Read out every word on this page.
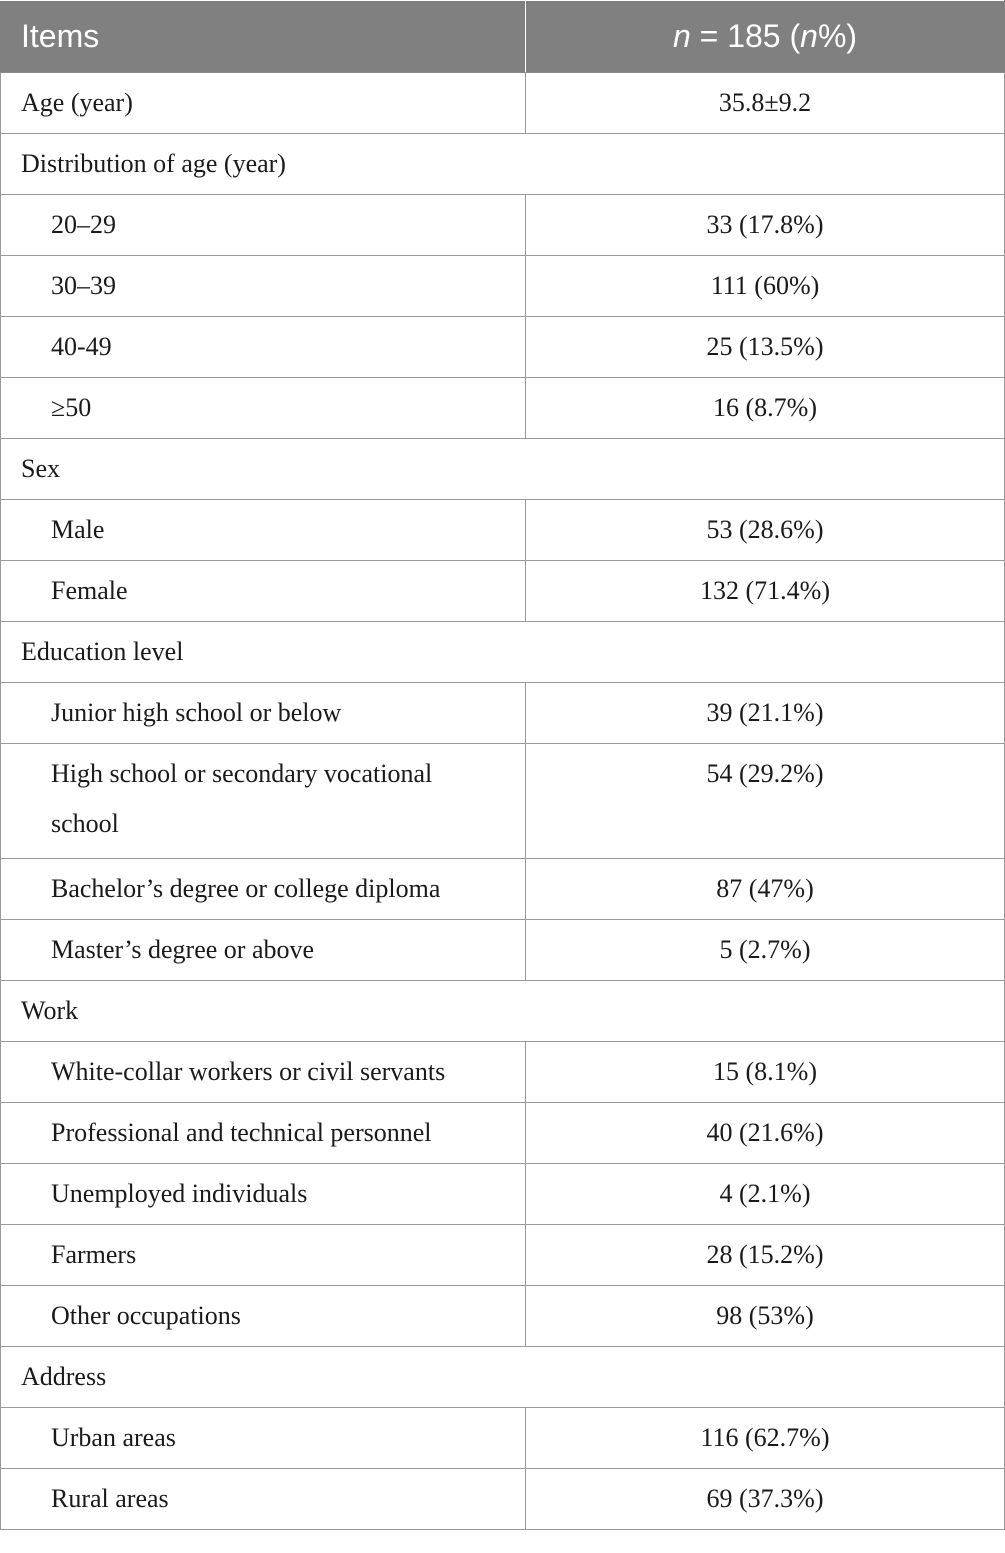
Items	n = 185 (n%)
Age (year)	35.8±9.2
Distribution of age (year)	
20–29	33 (17.8%)
30–39	111 (60%)
40-49	25 (13.5%)
≥50	16 (8.7%)
Sex	
Male	53 (28.6%)
Female	132 (71.4%)
Education level	
Junior high school or below	39 (21.1%)
High school or secondary vocational school	54 (29.2%)
Bachelor’s degree or college diploma	87 (47%)
Master’s degree or above	5 (2.7%)
Work	
White-collar workers or civil servants	15 (8.1%)
Professional and technical personnel	40 (21.6%)
Unemployed individuals	4 (2.1%)
Farmers	28 (15.2%)
Other occupations	98 (53%)
Address	
Urban areas	116 (62.7%)
Rural areas	69 (37.3%)
